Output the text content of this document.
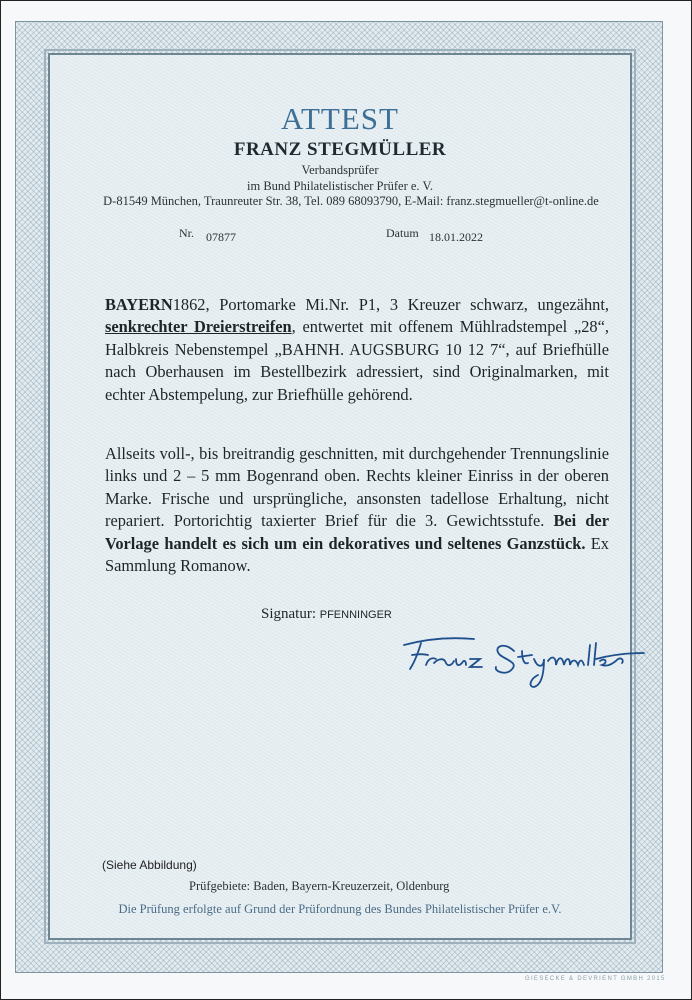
ATTEST
FRANZ STEGMÜLLER
Verbandsprüfer
im Bund Philatelistischer Prüfer e. V.
D-81549 München, Traunreuter Str. 38, Tel. 089 68093790, E-Mail: franz.stegmueller@t-online.de
Nr. 07877	Datum 18.01.2022
BAYERN1862, Portomarke Mi.Nr. P1, 3 Kreuzer schwarz, ungezähnt, senkrechter Dreierstreifen, entwertet mit offenem Mühlradstempel „28“, Halbkreis Nebenstempel „BAHNH. AUGSBURG 10 12 7“, auf Briefhülle nach Oberhausen im Bestellbezirk adressiert, sind Originalmarken, mit echter Abstempelung, zur Briefhülle gehörend.
Allseits voll-, bis breitrandig geschnitten, mit durchgehender Trennungslinie links und 2 – 5 mm Bogenrand oben. Rechts kleiner Einriss in der oberen Marke. Frische und ursprüngliche, ansonsten tadellose Erhaltung, nicht repariert. Portorichtig taxierter Brief für die 3. Gewichtsstufe. Bei der Vorlage handelt es sich um ein dekoratives und seltenes Ganzstück. Ex Sammlung Romanow.
Signatur: PFENNINGER
(Siehe Abbildung)
Prüfgebiete: Baden, Bayern-Kreuzerzeit, Oldenburg
Die Prüfung erfolgte auf Grund der Prüfordnung des Bundes Philatelistischer Prüfer e.V.
GIESECKE & DEVRIENT GMBH 2015
